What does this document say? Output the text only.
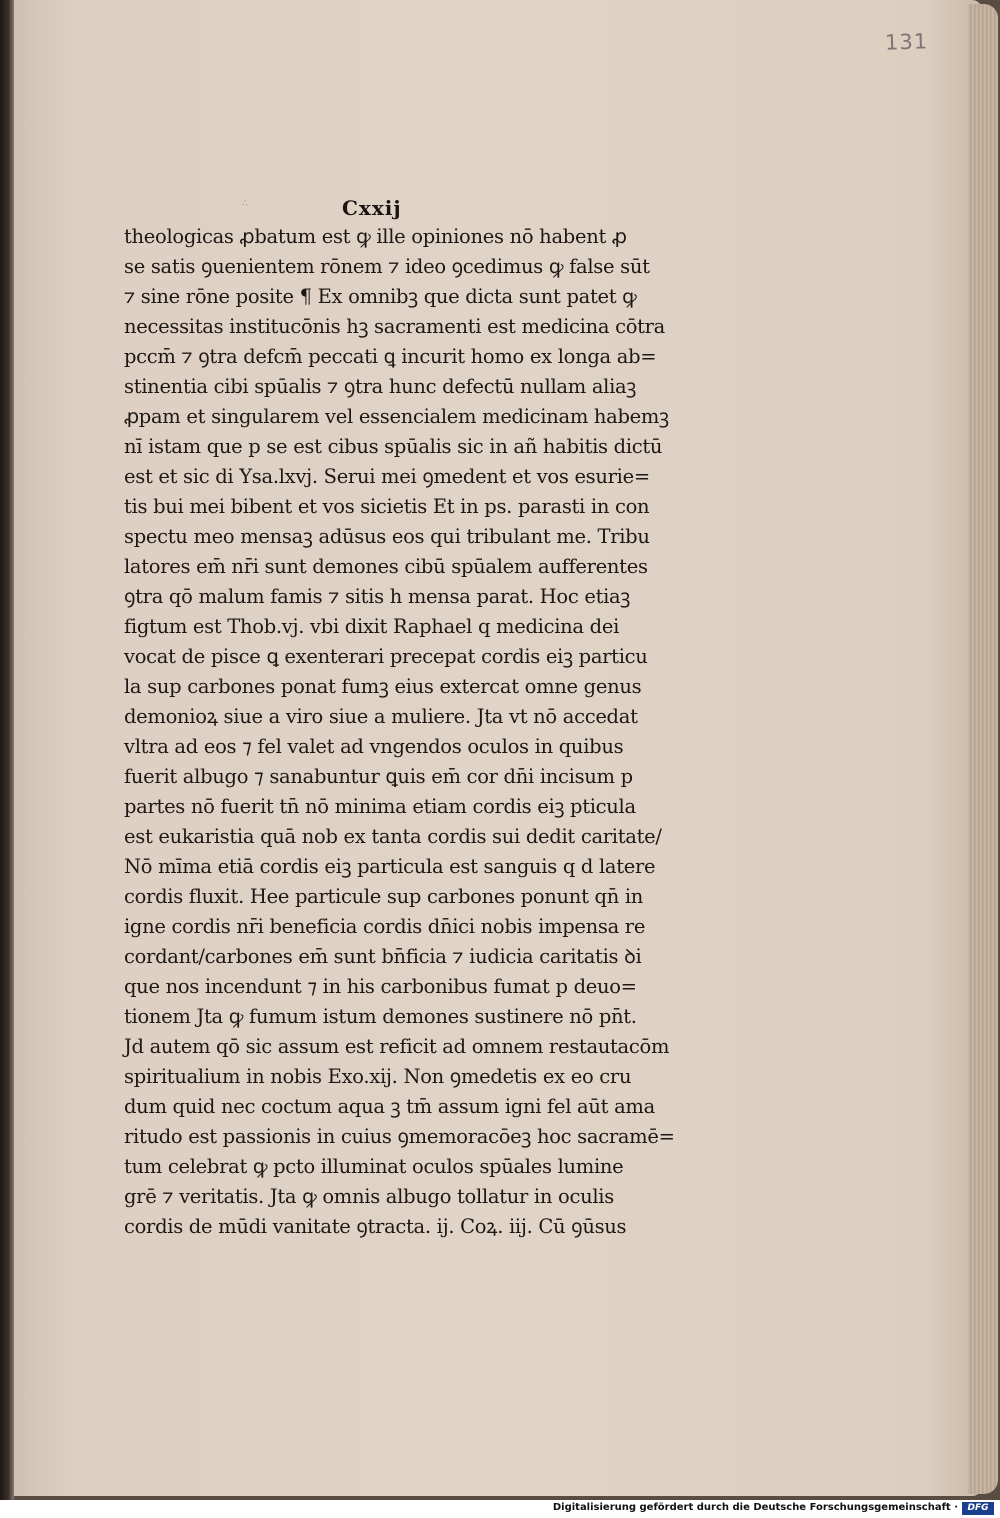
∴	Cxxij
theologicas ꝓbatum est ꝙ ille opiniones nō habent ꝓ
se satis ꝯuenientem rōnem ⁊ ideo ꝯcedimus ꝙ false sūt
⁊ sine rōne posite ¶ Ex omnibꝫ que dicta sunt patet ꝙ
necessitas institucōnis hꝫ sacramenti est medicina cōtra
pccm̄ ⁊ ꝯtra defcm̄ peccati ꝗ incurit homo ex longa ab=
stinentia cibi spūalis ⁊ ꝯtra hunc defectū nullam aliaꝫ
ꝓpam et singularem vel essencialem medicinam habemꝫ
nī istam que p se est cibus spūalis sic in añ habitis dictū
est et sic di Ysa.lxvj. Serui mei ꝯmedent et vos esurie=
tis bui mei bibent et vos sicietis Et in ps. parasti in con
spectu meo mensaꝫ adūsus eos qui tribulant me. Tribu
latores em̄ nr̄i sunt demones cibū spūalem aufferentes
ꝯtra qō malum famis ⁊ sitis h mensa parat. Hoc etiaꝫ
figtum est Thob.vj. vbi dixit Raphael q medicina dei
vocat de pisce ꝗ exenterari precepat cordis eiꝫ particu
la sup carbones ponat fumꝫ eius extercat omne genus
demonioꝝ siue a viro siue a muliere. Jta vt nō accedat
vltra ad eos ⁊ fel valet ad vngendos oculos in quibus
fuerit albugo ⁊ sanabuntur ꝗuis em̄ cor dn̄i incisum p
partes nō fuerit tn̄ nō minima etiam cordis eiꝫ pticula
est eukaristia quā nob ex tanta cordis sui dedit caritate/
Nō mīma etiā cordis eiꝫ particula est sanguis q d latere
cordis fluxit. Hee particule sup carbones ponunt qn̄ in
igne cordis nr̄i beneficia cordis dn̄ici nobis impensa re
cordant/carbones em̄ sunt bn̄ficia ⁊ iudicia caritatis ꝺi
que nos incendunt ⁊ in his carbonibus fumat p deuo=
tionem Jta ꝙ fumum istum demones sustinere nō pn̄t.
Jd autem qō sic assum est reficit ad omnem restautacōm
spiritualium in nobis Exo.xij. Non ꝯmedetis ex eo cru
dum quid nec coctum aqua ꝫ tm̄ assum igni fel aūt ama
ritudo est passionis in cuius ꝯmemoracōeꝫ hoc sacramē=
tum celebrat ꝙ pcto illuminat oculos spūales lumine
grē ⁊ veritatis. Jta ꝙ omnis albugo tollatur in oculis
cordis de mūdi vanitate ꝯtracta. ij. Coꝝ. iij. Cū ꝯūsus
131
Digitalisierung gefördert durch die Deutsche Forschungsgemeinschaft ·	DFG
